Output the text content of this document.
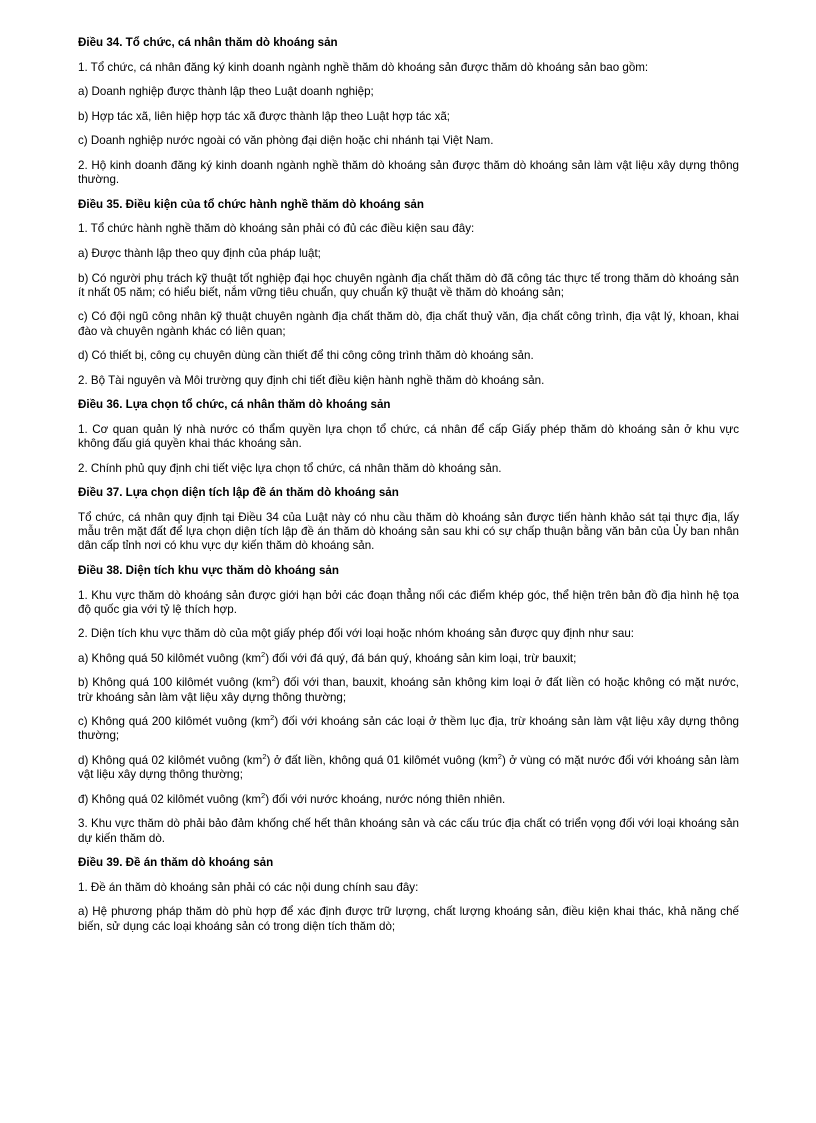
Điều 34. Tổ chức, cá nhân thăm dò khoáng sản

1. Tổ chức, cá nhân đăng ký kinh doanh ngành nghề thăm dò khoáng sản được thăm dò khoáng sản bao gồm:

a) Doanh nghiệp được thành lập theo Luật doanh nghiệp;

b) Hợp tác xã, liên hiệp hợp tác xã được thành lập theo Luật hợp tác xã;

c) Doanh nghiệp nước ngoài có văn phòng đại diện hoặc chi nhánh tại Việt Nam.

2. Hộ kinh doanh đăng ký kinh doanh ngành nghề thăm dò khoáng sản được thăm dò khoáng sản làm vật liệu xây dựng thông thường.

Điều 35. Điều kiện của tổ chức hành nghề thăm dò khoáng sản

1. Tổ chức hành nghề thăm dò khoáng sản phải có đủ các điều kiện sau đây:

a) Được thành lập theo quy định của pháp luật;

b) Có người phụ trách kỹ thuật tốt nghiệp đại học chuyên ngành địa chất thăm dò đã công tác thực tế trong thăm dò khoáng sản ít nhất 05 năm; có hiểu biết, nắm vững tiêu chuẩn, quy chuẩn kỹ thuật về thăm dò khoáng sản;

c) Có đội ngũ công nhân kỹ thuật chuyên ngành địa chất thăm dò, địa chất thuỷ văn, địa chất công trình, địa vật lý, khoan, khai đào và chuyên ngành khác có liên quan;

d) Có thiết bị, công cụ chuyên dùng cần thiết để thi công công trình thăm dò khoáng sản.

2. Bộ Tài nguyên và Môi trường quy định chi tiết điều kiện hành nghề thăm dò khoáng sản.

Điều 36. Lựa chọn tổ chức, cá nhân thăm dò khoáng sản

1. Cơ quan quản lý nhà nước có thẩm quyền lựa chọn tổ chức, cá nhân để cấp Giấy phép thăm dò khoáng sản ở khu vực không đấu giá quyền khai thác khoáng sản.

2. Chính phủ quy định chi tiết việc lựa chọn tổ chức, cá nhân thăm dò khoáng sản.

Điều 37. Lựa chọn diện tích lập đề án thăm dò khoáng sản

Tổ chức, cá nhân quy định tại Điều 34 của Luật này có nhu cầu thăm dò khoáng sản được tiến hành khảo sát tại thực địa, lấy mẫu trên mặt đất để lựa chọn diện tích lập đề án thăm dò khoáng sản sau khi có sự chấp thuận bằng văn bản của Ủy ban nhân dân cấp tỉnh nơi có khu vực dự kiến thăm dò khoáng sản.

Điều 38. Diện tích khu vực thăm dò khoáng sản

1. Khu vực thăm dò khoáng sản được giới hạn bởi các đoạn thẳng nối các điểm khép góc, thể hiện trên bản đồ địa hình hệ tọa độ quốc gia với tỷ lệ thích hợp.

2. Diện tích khu vực thăm dò của một giấy phép đối với loại hoặc nhóm khoáng sản được quy định như sau:

a) Không quá 50 kilômét vuông $(km^2)$ đối với đá quý, đá bán quý, khoáng sản kim loại, trừ bauxit;

b) Không quá 100 kilômét vuông $(km^2)$ đối với than, bauxit, khoáng sản không kim loại ở đất liền có hoặc không có mặt nước, trừ khoáng sản làm vật liệu xây dựng thông thường;

c) Không quá 200 kilômét vuông $(km^2)$ đối với khoáng sản các loại ở thềm lục địa, trừ khoáng sản làm vật liệu xây dựng thông thường;

d) Không quá 02 kilômét vuông $(km^2)$ ở đất liền, không quá 01 kilômét vuông $(km^2)$ ở vùng có mặt nước đối với khoáng sản làm vật liệu xây dựng thông thường;

đ) Không quá 02 kilômét vuông $(km^2)$ đối với nước khoáng, nước nóng thiên nhiên.

3. Khu vực thăm dò phải bảo đảm khống chế hết thân khoáng sản và các cấu trúc địa chất có triển vọng đối với loại khoáng sản dự kiến thăm dò.

Điều 39. Đề án thăm dò khoáng sản

1. Đề án thăm dò khoáng sản phải có các nội dung chính sau đây:

a) Hệ phương pháp thăm dò phù hợp để xác định được trữ lượng, chất lượng khoáng sản, điều kiện khai thác, khả năng chế biến, sử dụng các loại khoáng sản có trong diện tích thăm dò;
